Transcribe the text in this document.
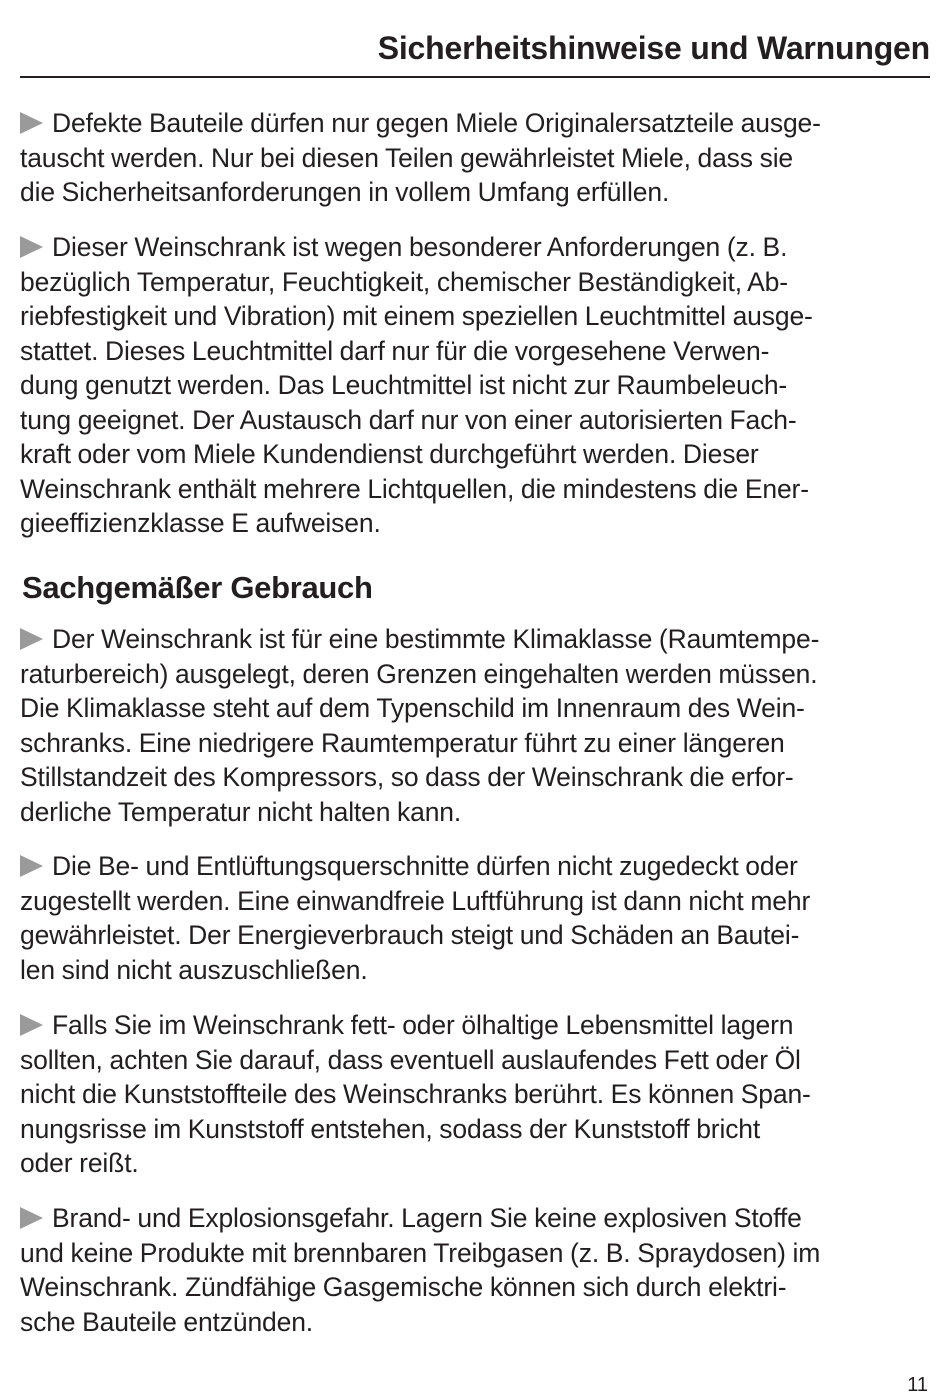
Sicherheitshinweise und Warnungen
Defekte Bauteile dürfen nur gegen Miele Originalersatzteile ausge-
tauscht werden. Nur bei diesen Teilen gewährleistet Miele, dass sie
die Sicherheitsanforderungen in vollem Umfang erfüllen.
Dieser Weinschrank ist wegen besonderer Anforderungen (z. B.
bezüglich Temperatur, Feuchtigkeit, chemischer Beständigkeit, Ab-
riebfestigkeit und Vibration) mit einem speziellen Leuchtmittel ausge-
stattet. Dieses Leuchtmittel darf nur für die vorgesehene Verwen-
dung genutzt werden. Das Leuchtmittel ist nicht zur Raumbeleuch-
tung geeignet. Der Austausch darf nur von einer autorisierten Fach-
kraft oder vom Miele Kundendienst durchgeführt werden. Dieser
Weinschrank enthält mehrere Lichtquellen, die mindestens die Ener-
gieeffizienzklasse E aufweisen.
Sachgemäßer Gebrauch
Der Weinschrank ist für eine bestimmte Klimaklasse (Raumtempe-
raturbereich) ausgelegt, deren Grenzen eingehalten werden müssen.
Die Klimaklasse steht auf dem Typenschild im Innenraum des Wein-
schranks. Eine niedrigere Raumtemperatur führt zu einer längeren
Stillstandzeit des Kompressors, so dass der Weinschrank die erfor-
derliche Temperatur nicht halten kann.
Die Be- und Entlüftungsquerschnitte dürfen nicht zugedeckt oder
zugestellt werden. Eine einwandfreie Luftführung ist dann nicht mehr
gewährleistet. Der Energieverbrauch steigt und Schäden an Bautei-
len sind nicht auszuschließen.
Falls Sie im Weinschrank fett- oder ölhaltige Lebensmittel lagern
sollten, achten Sie darauf, dass eventuell auslaufendes Fett oder Öl
nicht die Kunststoffteile des Weinschranks berührt. Es können Span-
nungsrisse im Kunststoff entstehen, sodass der Kunststoff bricht
oder reißt.
Brand- und Explosionsgefahr. Lagern Sie keine explosiven Stoffe
und keine Produkte mit brennbaren Treibgasen (z. B. Spraydosen) im
Weinschrank. Zündfähige Gasgemische können sich durch elektri-
sche Bauteile entzünden.
11
